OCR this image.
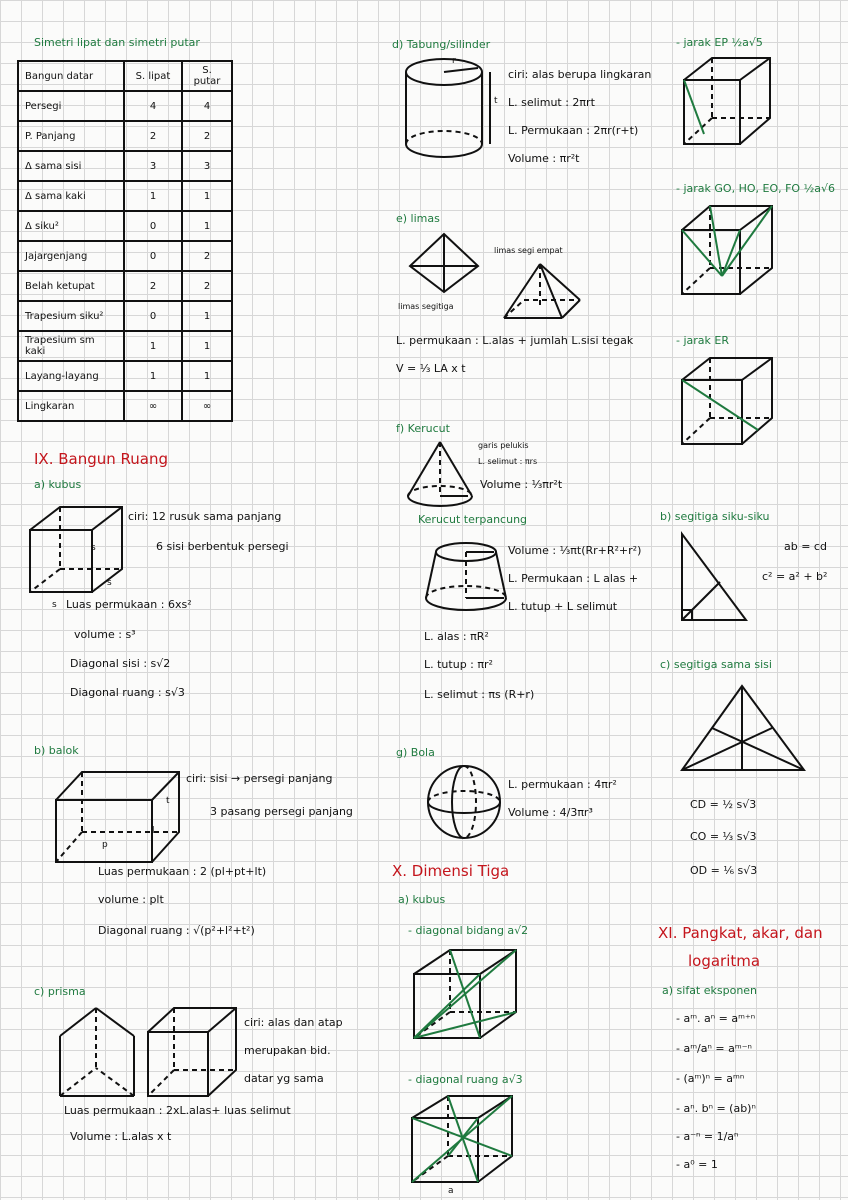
Simetri lipat dan simetri putar
Bangun datar	S. lipat	S. putar
Persegi	4	4
P. Panjang	2	2
Δ sama sisi	3	3
Δ sama kaki	1	1
Δ siku²	0	1
Jajargenjang	0	2
Belah ketupat	2	2
Trapesium siku²	0	1
Trapesium sm kaki	1	1
Layang-layang	1	1
Lingkaran	∞	∞
IX. Bangun Ruang
a) kubus
s
s
ciri: 12 rusuk sama panjang
6 sisi berbentuk persegi
s Luas permukaan : 6xs²
volume : s³
Diagonal sisi : s√2
Diagonal ruang : s√3
b) balok
p
l
t
ciri: sisi → persegi panjang
3 pasang persegi panjang
Luas permukaan : 2 (pl+pt+lt)
volume : plt
Diagonal ruang : √(p²+l²+t²)
c) prisma
ciri: alas dan atap
merupakan bid.
datar yg sama
Luas permukaan : 2xL.alas+ luas selimut
Volume : L.alas x t
d) Tabung/silinder
r
t
ciri: alas berupa lingkaran
L. selimut : 2πrt
L. Permukaan : 2πr(r+t)
Volume : πr²t
e) limas
limas segi empat
limas segitiga
L. permukaan : L.alas + jumlah L.sisi tegak
V = ⅓ LA x t
f) Kerucut
garis pelukis
L. selimut : πrs
Volume : ⅓πr²t
Kerucut terpancung
Volume : ⅓πt(Rr+R²+r²)
L. Permukaan : L alas +
L. tutup + L selimut
L. alas : πR²
L. tutup : πr²
L. selimut : πs (R+r)
g) Bola
L. permukaan : 4πr²
Volume : 4/3πr³
X. Dimensi Tiga
a) kubus
- diagonal bidang a√2
- diagonal ruang a√3
a
- jarak EP ½a√5
- jarak GO, HO, EO, FO ½a√6
- jarak ER
b) segitiga siku-siku
ab = cd
c² = a² + b²
c) segitiga sama sisi
CD = ½ s√3
CO = ⅓ s√3
OD = ⅙ s√3
XI. Pangkat, akar, dan
logaritma
a) sifat eksponen
- aᵐ. aⁿ = aᵐ⁺ⁿ
- aᵐ/aⁿ = aᵐ⁻ⁿ
- (aᵐ)ⁿ = aᵐⁿ
- aⁿ. bⁿ = (ab)ⁿ
- a⁻ⁿ = 1/aⁿ
- a⁰ = 1
